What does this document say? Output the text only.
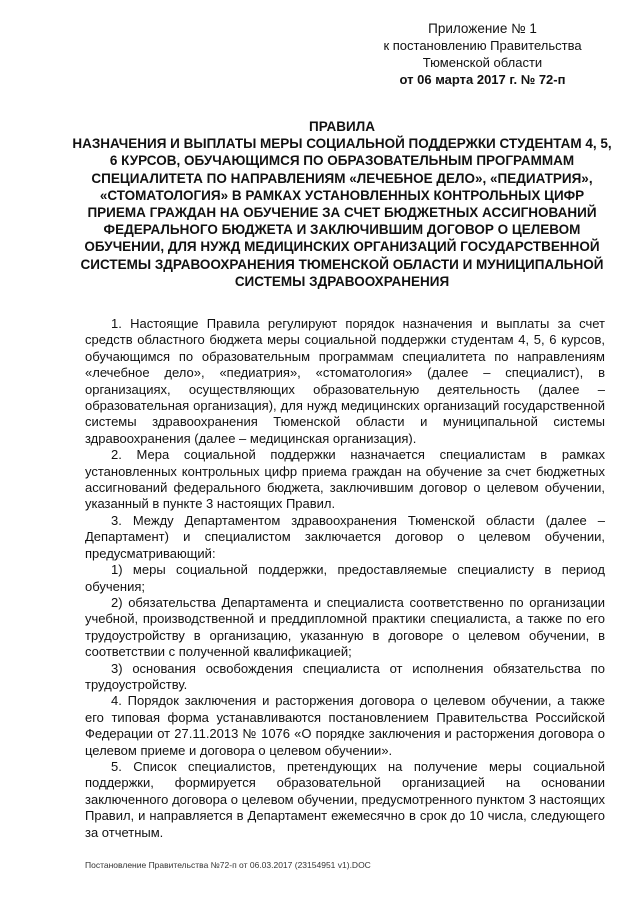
Приложение № 1
к постановлению Правительства
Тюменской области
от 06 марта 2017 г. № 72-п
ПРАВИЛА
НАЗНАЧЕНИЯ И ВЫПЛАТЫ МЕРЫ СОЦИАЛЬНОЙ ПОДДЕРЖКИ СТУДЕНТАМ 4, 5, 6 КУРСОВ, ОБУЧАЮЩИМСЯ ПО ОБРАЗОВАТЕЛЬНЫМ ПРОГРАММАМ СПЕЦИАЛИТЕТА ПО НАПРАВЛЕНИЯМ «ЛЕЧЕБНОЕ ДЕЛО», «ПЕДИАТРИЯ», «СТОМАТОЛОГИЯ» В РАМКАХ УСТАНОВЛЕННЫХ КОНТРОЛЬНЫХ ЦИФР ПРИЕМА ГРАЖДАН НА ОБУЧЕНИЕ ЗА СЧЕТ БЮДЖЕТНЫХ АССИГНОВАНИЙ ФЕДЕРАЛЬНОГО БЮДЖЕТА И ЗАКЛЮЧИВШИМ ДОГОВОР О ЦЕЛЕВОМ ОБУЧЕНИИ, ДЛЯ НУЖД МЕДИЦИНСКИХ ОРГАНИЗАЦИЙ ГОСУДАРСТВЕННОЙ СИСТЕМЫ ЗДРАВООХРАНЕНИЯ ТЮМЕНСКОЙ ОБЛАСТИ И МУНИЦИПАЛЬНОЙ СИСТЕМЫ ЗДРАВООХРАНЕНИЯ

1. Настоящие Правила регулируют порядок назначения и выплаты за счет средств областного бюджета меры социальной поддержки студентам 4, 5, 6 курсов, обучающимся по образовательным программам специалитета по направлениям «лечебное дело», «педиатрия», «стоматология» (далее – специалист), в организациях, осуществляющих образовательную деятельность (далее – образовательная организация), для нужд медицинских организаций государственной системы здравоохранения Тюменской области и муниципальной системы здравоохранения (далее – медицинская организация).

2. Мера социальной поддержки назначается специалистам в рамках установленных контрольных цифр приема граждан на обучение за счет бюджетных ассигнований федерального бюджета, заключившим договор о целевом обучении, указанный в пункте 3 настоящих Правил.

3. Между Департаментом здравоохранения Тюменской области (далее – Департамент) и специалистом заключается договор о целевом обучении, предусматривающий:

1) меры социальной поддержки, предоставляемые специалисту в период обучения;

2) обязательства Департамента и специалиста соответственно по организации учебной, производственной и преддипломной практики специалиста, а также по его трудоустройству в организацию, указанную в договоре о целевом обучении, в соответствии с полученной квалификацией;

3) основания освобождения специалиста от исполнения обязательства по трудоустройству.

4. Порядок заключения и расторжения договора о целевом обучении, а также его типовая форма устанавливаются постановлением Правительства Российской Федерации от 27.11.2013 № 1076 «О порядке заключения и расторжения договора о целевом приеме и договора о целевом обучении».

5. Список специалистов, претендующих на получение меры социальной поддержки, формируется образовательной организацией на основании заключенного договора о целевом обучении, предусмотренного пунктом 3 настоящих Правил, и направляется в Департамент ежемесячно в срок до 10 числа, следующего за отчетным.

Постановление Правительства №72-п от 06.03.2017 (23154951 v1).DOC
